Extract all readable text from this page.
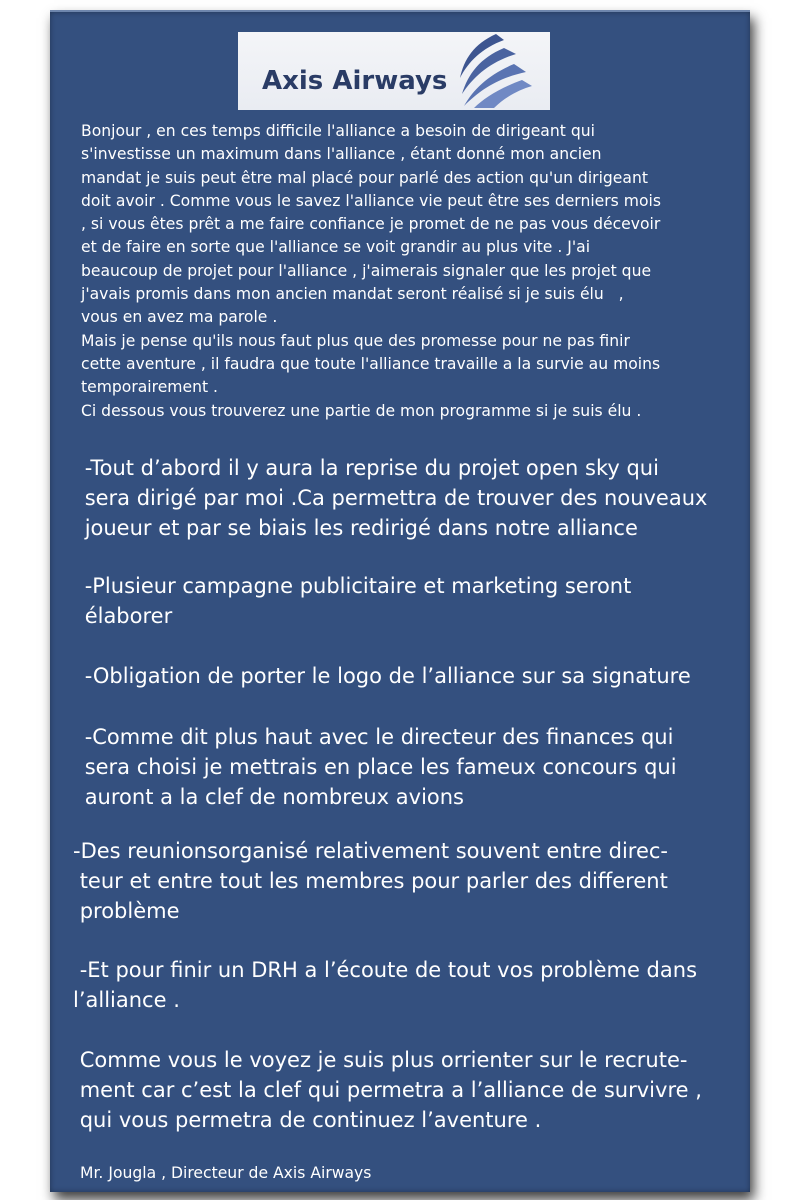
Axis Airways

Bonjour , en ces temps difficile l'alliance a besoin de dirigeant qui
s'investisse un maximum dans l'alliance , étant donné mon ancien
mandat je suis peut être mal placé pour parlé des action qu'un dirigeant
doit avoir . Comme vous le savez l'alliance vie peut être ses derniers mois
, si vous êtes prêt a me faire confiance je promet de ne pas vous décevoir
et de faire en sorte que l'alliance se voit grandir au plus vite . J'ai
beaucoup de projet pour l'alliance , j'aimerais signaler que les projet que
j'avais promis dans mon ancien mandat seront réalisé si je suis élu   ,
vous en avez ma parole .
Mais je pense qu'ils nous faut plus que des promesse pour ne pas finir
cette aventure , il faudra que toute l'alliance travaille a la survie au moins
temporairement .
Ci dessous vous trouverez une partie de mon programme si je suis élu .

-Tout d’abord il y aura la reprise du projet open sky qui
sera dirigé par moi .Ca permettra de trouver des nouveaux
joueur et par se biais les redirigé dans notre alliance

-Plusieur campagne publicitaire et marketing seront
élaborer

-Obligation de porter le logo de l’alliance sur sa signature

-Comme dit plus haut avec le directeur des finances qui
sera choisi je mettrais en place les fameux concours qui
auront a la clef de nombreux avions

-Des reunionsorganisé relativement souvent entre direc-
teur et entre tout les membres pour parler des different
problème

-Et pour finir un DRH a l’écoute de tout vos problème dans
l’alliance .

Comme vous le voyez je suis plus orrienter sur le recrute-
ment car c’est la clef qui permetra a l’alliance de survivre ,
qui vous permetra de continuez l’aventure .

Mr. Jougla , Directeur de Axis Airways
